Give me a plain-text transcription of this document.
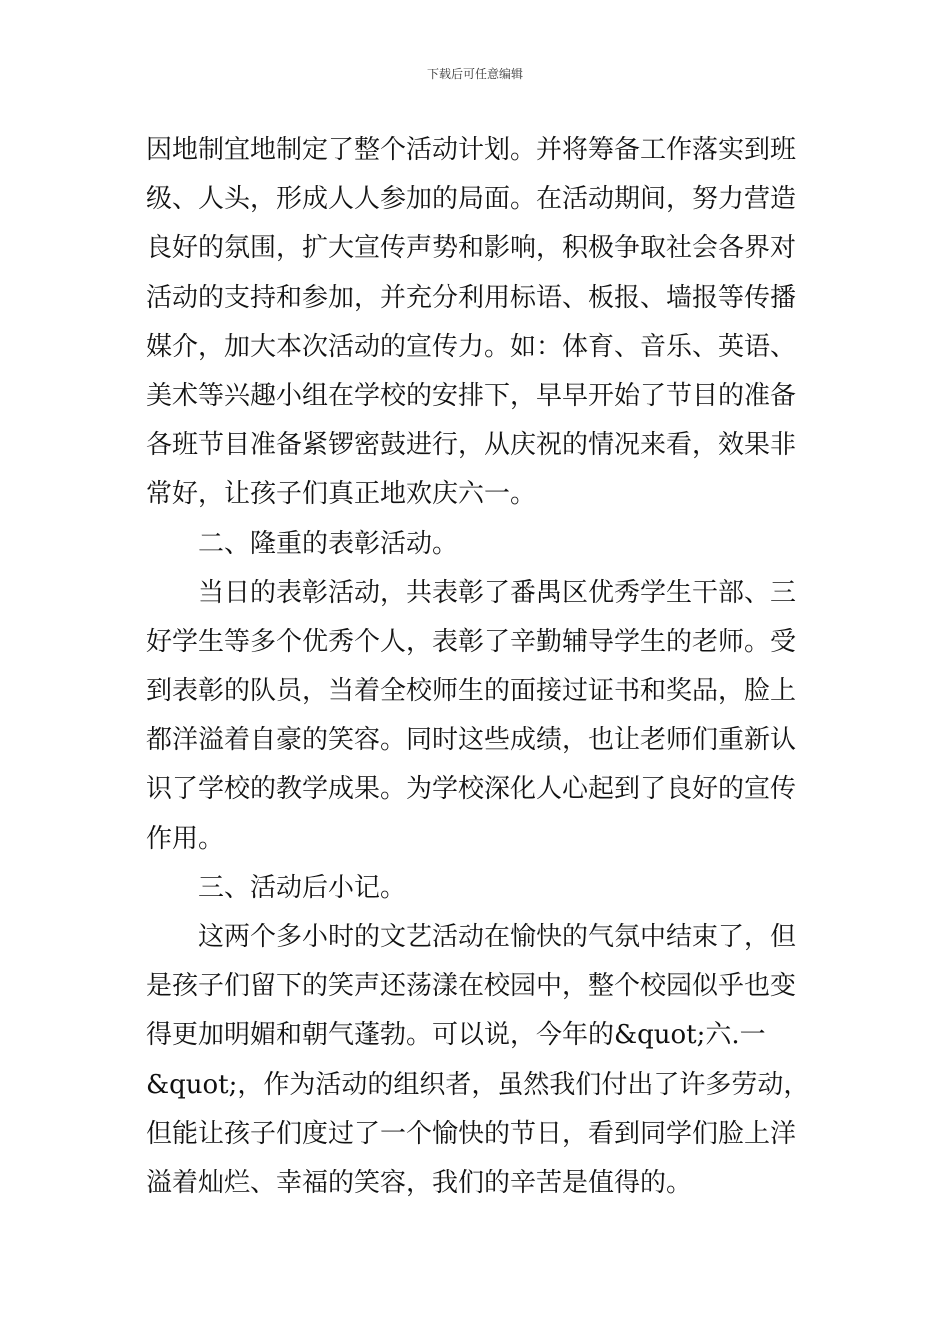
下载后可任意编辑
因地制宜地制定了整个活动计划。并将筹备工作落实到班
级、人头，形成人人参加的局面。在活动期间，努力营造
良好的氛围，扩大宣传声势和影响，积极争取社会各界对
活动的支持和参加，并充分利用标语、板报、墙报等传播
媒介，加大本次活动的宣传力。如：体育、音乐、英语、
美术等兴趣小组在学校的安排下，早早开始了节目的准备
各班节目准备紧锣密鼓进行，从庆祝的情况来看，效果非
常好，让孩子们真正地欢庆六一。
二、隆重的表彰活动。
当日的表彰活动，共表彰了番禺区优秀学生干部、三
好学生等多个优秀个人，表彰了辛勤辅导学生的老师。受
到表彰的队员，当着全校师生的面接过证书和奖品，脸上
都洋溢着自豪的笑容。同时这些成绩，也让老师们重新认
识了学校的教学成果。为学校深化人心起到了良好的宣传
作用。
三、活动后小记。
这两个多小时的文艺活动在愉快的气氛中结束了，但
是孩子们留下的笑声还荡漾在校园中，整个校园似乎也变
得更加明媚和朝气蓬勃。可以说，今年的&quot;六.一
&quot;，作为活动的组织者，虽然我们付出了许多劳动，
但能让孩子们度过了一个愉快的节日，看到同学们脸上洋
溢着灿烂、幸福的笑容，我们的辛苦是值得的。
